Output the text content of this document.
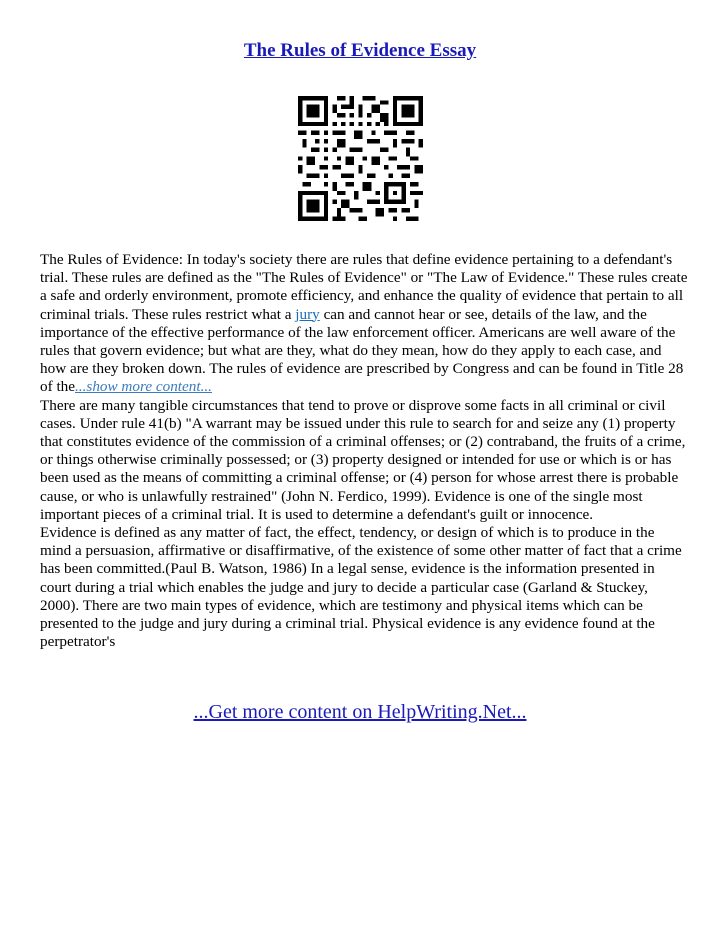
The Rules of Evidence Essay

The Rules of Evidence: In today's society there are rules that define evidence pertaining to a defendant's trial. These rules are defined as the "The Rules of Evidence" or "The Law of Evidence." These rules create a safe and orderly environment, promote efficiency, and enhance the quality of evidence that pertain to all criminal trials. These rules restrict what a jury can and cannot hear or see, details of the law, and the importance of the effective performance of the law enforcement officer. Americans are well aware of the rules that govern evidence; but what are they, what do they mean, how do they apply to each case, and how are they broken down. The rules of evidence are prescribed by Congress and can be found in Title 28 of the...show more content...

There are many tangible circumstances that tend to prove or disprove some facts in all criminal or civil cases. Under rule 41(b) "A warrant may be issued under this rule to search for and seize any (1) property that constitutes evidence of the commission of a criminal offenses; or (2) contraband, the fruits of a crime, or things otherwise criminally possessed; or (3) property designed or intended for use or which is or has been used as the means of committing a criminal offense; or (4) person for whose arrest there is probable cause, or who is unlawfully restrained" (John N. Ferdico, 1999). Evidence is one of the single most important pieces of a criminal trial. It is used to determine a defendant's guilt or innocence.

Evidence is defined as any matter of fact, the effect, tendency, or design of which is to produce in the mind a persuasion, affirmative or disaffirmative, of the existence of some other matter of fact that a crime has been committed.(Paul B. Watson, 1986) In a legal sense, evidence is the information presented in court during a trial which enables the judge and jury to decide a particular case (Garland & Stuckey, 2000). There are two main types of evidence, which are testimony and physical items which can be presented to the judge and jury during a criminal trial. Physical evidence is any evidence found at the perpetrator's

...Get more content on HelpWriting.Net...
